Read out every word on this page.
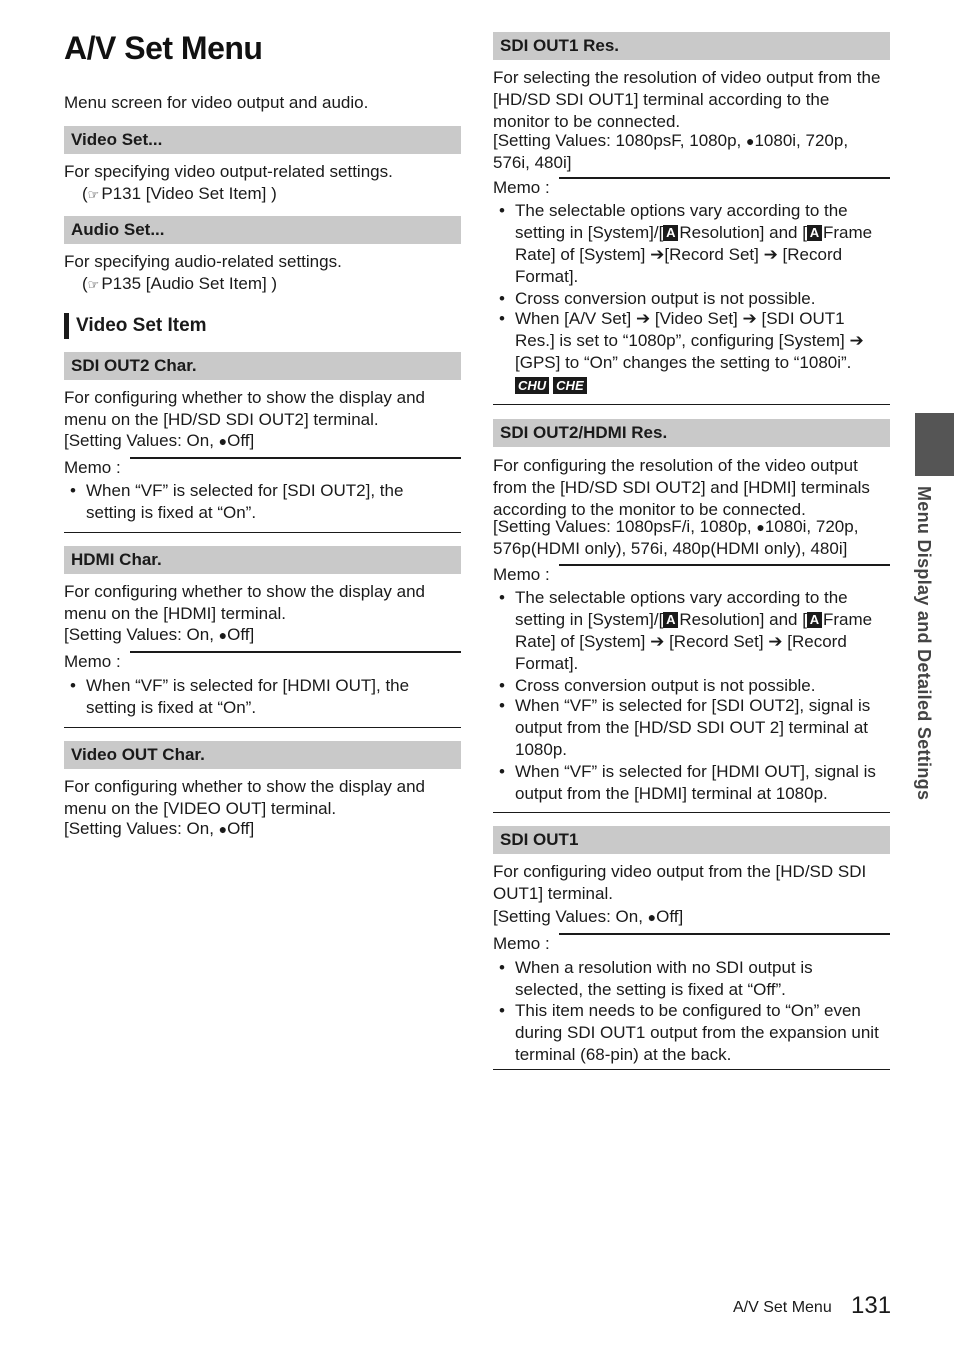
A/V Set Menu
Menu screen for video output and audio.
Video Set...
For specifying video output-related settings.
(☞ P131 [Video Set Item] )
Audio Set...
For specifying audio-related settings.
(☞ P135 [Audio Set Item] )
Video Set Item
SDI OUT2 Char.
For configuring whether to show the display and
menu on the [HD/SD SDI OUT2] terminal.
[Setting Values: On, ●Off]
Memo :
• When “VF” is selected for [SDI OUT2], the
setting is fixed at “On”.
HDMI Char.
For configuring whether to show the display and
menu on the [HDMI] terminal.
[Setting Values: On, ●Off]
Memo :
• When “VF” is selected for [HDMI OUT], the
setting is fixed at “On”.
Video OUT Char.
For configuring whether to show the display and
menu on the [VIDEO OUT] terminal.
[Setting Values: On, ●Off]
SDI OUT1 Res.
For selecting the resolution of video output from the
[HD/SD SDI OUT1] terminal according to the
monitor to be connected.
[Setting Values: 1080psF, 1080p, ●1080i, 720p,
576i, 480i]
Memo :
• The selectable options vary according to the
setting in [System]/[ A Resolution] and [ A Frame
Rate] of [System] ➔[Record Set] ➔ [Record
Format].
• Cross conversion output is not possible.
• When [A/V Set] ➔ [Video Set] ➔ [SDI OUT1
Res.] is set to “1080p”, configuring [System] ➔
[GPS] to “On” changes the setting to “1080i”.
CHU CHE
SDI OUT2/HDMI Res.
For configuring the resolution of the video output
from the [HD/SD SDI OUT2] and [HDMI] terminals
according to the monitor to be connected.
[Setting Values: 1080psF/i, 1080p, ●1080i, 720p,
576p(HDMI only), 576i, 480p(HDMI only), 480i]
Memo :
• The selectable options vary according to the
setting in [System]/[ A Resolution] and [ A Frame
Rate] of [System] ➔ [Record Set] ➔ [Record
Format].
• Cross conversion output is not possible.
• When “VF” is selected for [SDI OUT2], signal is
output from the [HD/SD SDI OUT 2] terminal at
1080p.
• When “VF” is selected for [HDMI OUT], signal is
output from the [HDMI] terminal at 1080p.
SDI OUT1
For configuring video output from the [HD/SD SDI
OUT1] terminal.
[Setting Values: On, ●Off]
Memo :
• When a resolution with no SDI output is
selected, the setting is fixed at “Off”.
• This item needs to be configured to “On” even
during SDI OUT1 output from the expansion unit
terminal (68-pin) at the back.
Menu Display and Detailed Settings
A/V Set Menu 131
